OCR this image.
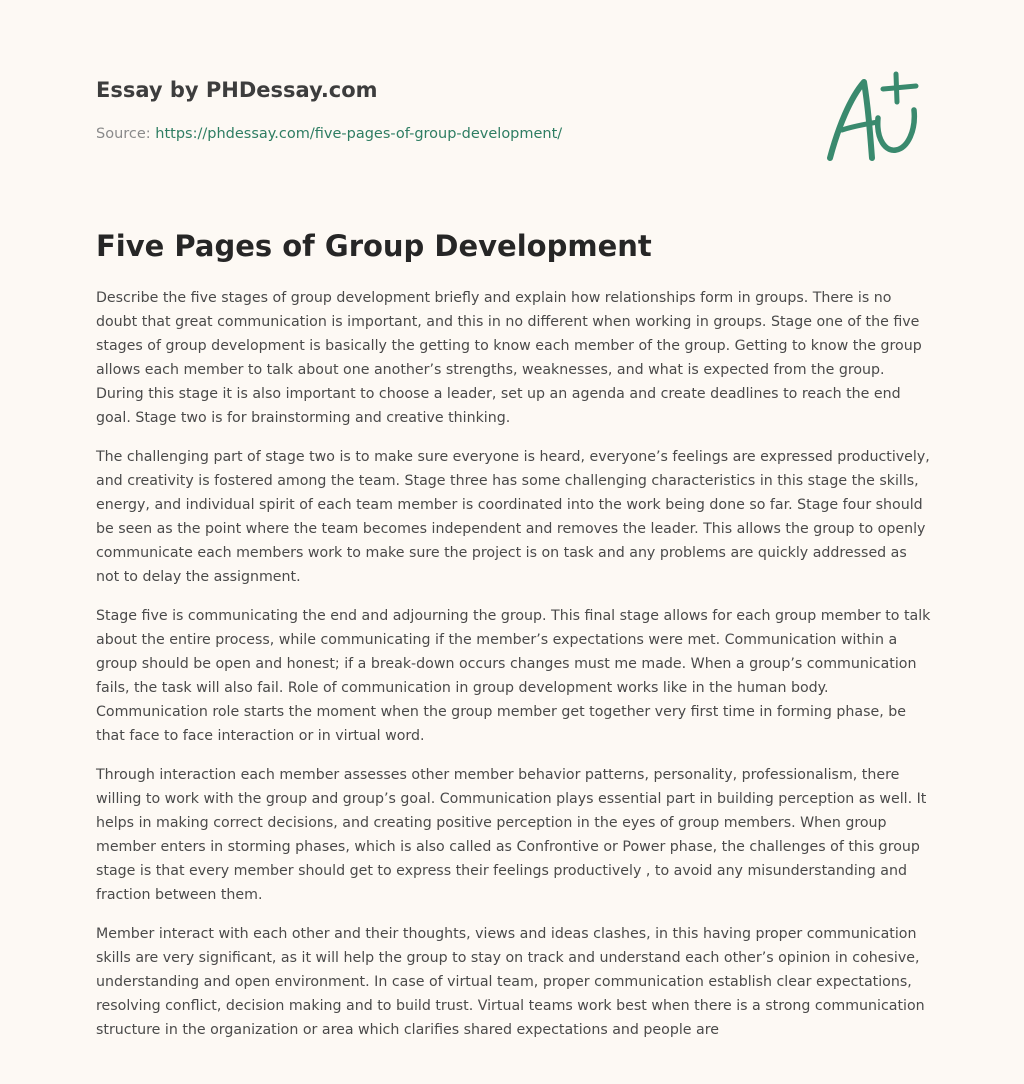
Essay by PHDessay.com
Source: https://phdessay.com/five-pages-of-group-development/
Five Pages of Group Development

Describe the five stages of group development briefly and explain how relationships form in groups. There is no doubt that great communication is important, and this in no different when working in groups. Stage one of the five stages of group development is basically the getting to know each member of the group. Getting to know the group allows each member to talk about one another’s strengths, weaknesses, and what is expected from the group. During this stage it is also important to choose a leader, set up an agenda and create deadlines to reach the end goal. Stage two is for brainstorming and creative thinking.

The challenging part of stage two is to make sure everyone is heard, everyone’s feelings are expressed productively, and creativity is fostered among the team. Stage three has some challenging characteristics in this stage the skills, energy, and individual spirit of each team member is coordinated into the work being done so far. Stage four should be seen as the point where the team becomes independent and removes the leader. This allows the group to openly communicate each members work to make sure the project is on task and any problems are quickly addressed as not to delay the assignment.

Stage five is communicating the end and adjourning the group. This final stage allows for each group member to talk about the entire process, while communicating if the member’s expectations were met. Communication within a group should be open and honest; if a break-down occurs changes must me made. When a group’s communication fails, the task will also fail. Role of communication in group development works like in the human body. Communication role starts the moment when the group member get together very first time in forming phase, be that face to face interaction or in virtual word.

Through interaction each member assesses other member behavior patterns, personality, professionalism, there willing to work with the group and group’s goal. Communication plays essential part in building perception as well. It helps in making correct decisions, and creating positive perception in the eyes of group members. When group member enters in storming phases, which is also called as Confrontive or Power phase, the challenges of this group stage is that every member should get to express their feelings productively , to avoid any misunderstanding and fraction between them.

Member interact with each other and their thoughts, views and ideas clashes, in this having proper communication skills are very significant, as it will help the group to stay on track and understand each other’s opinion in cohesive, understanding and open environment. In case of virtual team, proper communication establish clear expectations, resolving conflict, decision making and to build trust. Virtual teams work best when there is a strong communication structure in the organization or area which clarifies shared expectations and people are
